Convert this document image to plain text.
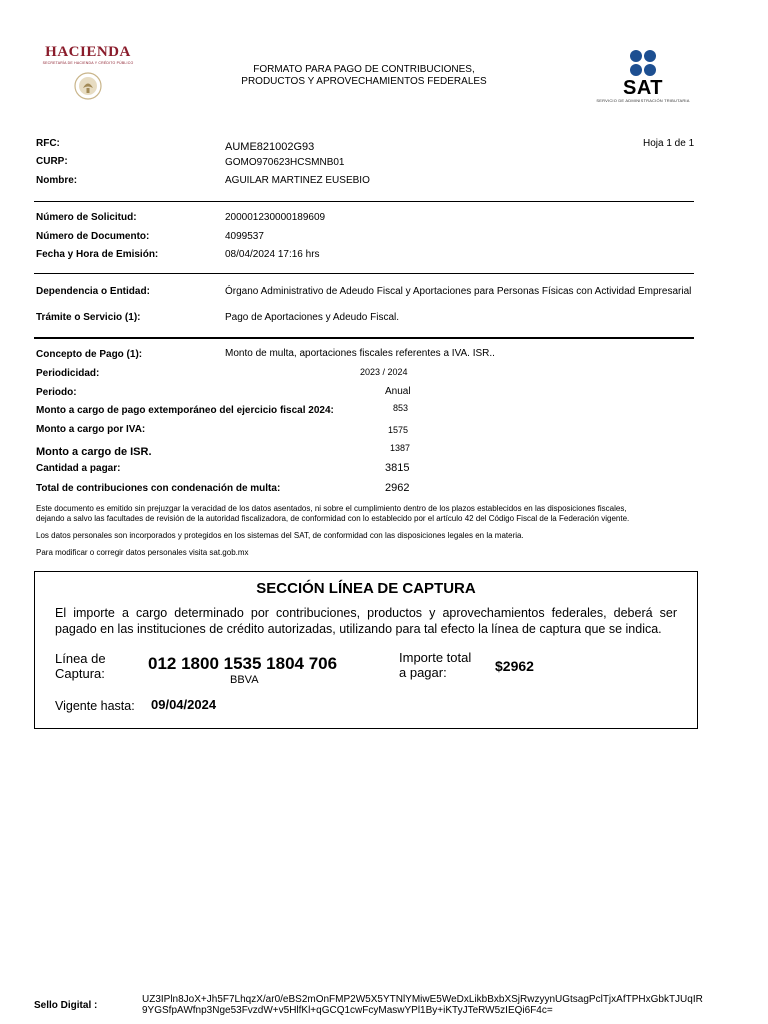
HACIENDA
SECRETARÍA DE HACIENDA Y CRÉDITO PÚBLICO
FORMATO PARA PAGO DE CONTRIBUCIONES,
PRODUCTOS Y APROVECHAMIENTOS FEDERALES	SAT
SERVICIO DE ADMINISTRACIÓN TRIBUTARIA
RFC:	AUME821002G93	Hoja 1 de 1
CURP:	GOMO970623HCSMNB01
Nombre:	AGUILAR MARTINEZ EUSEBIO
Número de Solicitud:	200001230000189609
Número de Documento:	4099537
Fecha y Hora de Emisión:	08/04/2024 17:16 hrs
Dependencia o Entidad:	Órgano Administrativo de Adeudo Fiscal y Aportaciones para Personas Físicas con Actividad Empresarial
Trámite o Servicio (1):	Pago de Aportaciones y Adeudo Fiscal.
Concepto de Pago (1):	Monto de multa, aportaciones fiscales referentes a IVA. ISR..
Periodicidad:	2023 / 2024
Periodo:	Anual
Monto a cargo de pago extemporáneo del ejercicio fiscal 2024:	853
Monto a cargo por IVA:	1575
Monto a cargo de ISR.	1387
Cantidad a pagar:	3815
Total de contribuciones con condenación de multa:	2962
Este documento es emitido sin prejuzgar la veracidad de los datos asentados, ni sobre el cumplimiento dentro de los plazos establecidos en las disposiciones fiscales,
dejando a salvo las facultades de revisión de la autoridad fiscalizadora, de conformidad con lo establecido por el artículo 42 del Código Fiscal de la Federación vigente.
Los datos personales son incorporados y protegidos en los sistemas del SAT, de conformidad con las disposiciones legales en la materia.
Para modificar o corregir datos personales visita sat.gob.mx
SECCIÓN LÍNEA DE CAPTURA
El importe a cargo determinado por contribuciones, productos y aprovechamientos federales, deberá ser
pagado en las instituciones de crédito autorizadas, utilizando para tal efecto la línea de captura que se indica.
Línea de
Captura:
012 1800 1535 1804 706
BBVA
Importe total
a pagar:	$2962
Vigente hasta: 09/04/2024
Sello Digital :
UZ3IPln8JoX+Jh5F7LhqzX/ar0/eBS2mOnFMP2W5X5YTNlYMiwE5WeDxLikbBxbXSjRwzyynUGtsagPclTjxAfTPHxGbkTJUqIR
9YGSfpAWfnp3Nge53FvzdW+v5HlfKl+qGCQ1cwFcyMaswYPl1By+iKTyJTeRW5zIEQi6F4c=
